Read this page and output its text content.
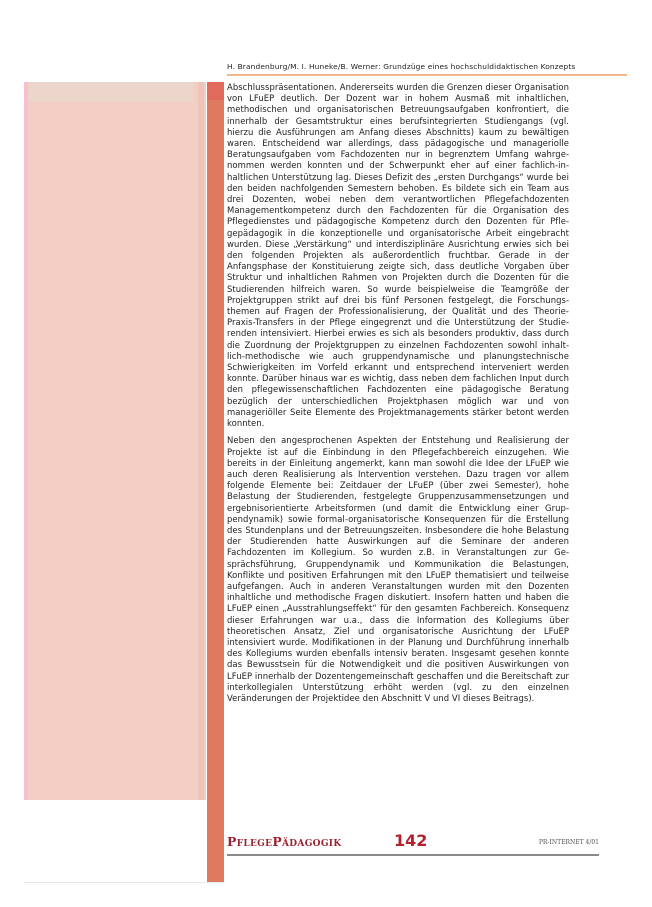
H. Brandenburg/M. I. Huneke/B. Werner: Grundzüge eines hochschuldidaktischen Konzepts

Abschlusspräsentationen. Andererseits wurden die Grenzen dieser Organisation von LFuEP deutlich. Der Dozent war in hohem Ausmaß mit inhaltlichen, methodischen und organisatorischen Betreuungsaufgaben konfrontiert, die innerhalb der Gesamtstruktur eines berufsintegrierten Studiengangs (vgl. hierzu die Ausführungen am Anfang dieses Abschnitts) kaum zu bewältigen waren. Entscheidend war allerdings, dass pädagogische und manageriolle Beratungsaufgaben vom Fachdozenten nur in begrenztem Umfang wahrgenommen werden konnten und der Schwerpunkt eher auf einer fachlich-inhaltlichen Unterstützung lag. Dieses Defizit des „ersten Durchgangs“ wurde bei den beiden nachfolgenden Semestern behoben. Es bildete sich ein Team aus drei Dozenten, wobei neben dem verantwortlichen Pflegefachdozenten Managementkompetenz durch den Fachdozenten für die Organisation des Pflegedienstes und pädagogische Kompetenz durch den Dozenten für Pflegepädagogik in die konzeptionelle und organisatorische Arbeit eingebracht wurden. Diese „Verstärkung“ und interdisziplinäre Ausrichtung erwies sich bei den folgenden Projekten als außerordentlich fruchtbar. Gerade in der Anfangsphase der Konstituierung zeigte sich, dass deutliche Vorgaben über Struktur und inhaltlichen Rahmen von Projekten durch die Dozenten für die Studierenden hilfreich waren. So wurde beispielweise die Teamgröße der Projektgruppen strikt auf drei bis fünf Personen festgelegt, die Forschungsthemen auf Fragen der Professionalisierung, der Qualität und des Theorie-Praxis-Transfers in der Pflege eingegrenzt und die Unterstützung der Studierenden intensiviert. Hierbei erwies es sich als besonders produktiv, dass durch die Zuordnung der Projektgruppen zu einzelnen Fachdozenten sowohl inhaltlich-methodische wie auch gruppendynamische und planungstechnische Schwierigkeiten im Vorfeld erkannt und entsprechend interveniert werden konnte. Darüber hinaus war es wichtig, dass neben dem fachlichen Input durch den pflegewissenschaftlichen Fachdozenten eine pädagogische Beratung bezüglich der unterschiedlichen Projektphasen möglich war und von manageriöller Seite Elemente des Projektmanagements stärker betont werden konnten.

Neben den angesprochenen Aspekten der Entstehung und Realisierung der Projekte ist auf die Einbindung in den Pflegefachbereich einzugehen. Wie bereits in der Einleitung angemerkt, kann man sowohl die Idee der LFuEP wie auch deren Realisierung als Intervention verstehen. Dazu tragen vor allem folgende Elemente bei: Zeitdauer der LFuEP (über zwei Semester), hohe Belastung der Studierenden, festgelegte Gruppenzusammensetzungen und ergebnisorientierte Arbeitsformen (und damit die Entwicklung einer Gruppendynamik) sowie formal-organisatorische Konsequenzen für die Erstellung des Stundenplans und der Betreuungszeiten. Insbesondere die hohe Belastung der Studierenden hatte Auswirkungen auf die Seminare der anderen Fachdozenten im Kollegium. So wurden z.B. in Veranstaltungen zur Gesprächsführung, Gruppendynamik und Kommunikation die Belastungen, Konflikte und positiven Erfahrungen mit den LFuEP thematisiert und teilweise aufgefangen. Auch in anderen Veranstaltungen wurden mit den Dozenten inhaltliche und methodische Fragen diskutiert. Insofern hatten und haben die LFuEP einen „Ausstrahlungseffekt“ für den gesamten Fachbereich. Konsequenz dieser Erfahrungen war u.a., dass die Information des Kollegiums über theoretischen Ansatz, Ziel und organisatorische Ausrichtung der LFuEP intensiviert wurde. Modifikationen in der Planung und Durchführung innerhalb des Kollegiums wurden ebenfalls intensiv beraten. Insgesamt gesehen konnte das Bewusstsein für die Notwendigkeit und die positiven Auswirkungen von LFuEP innerhalb der Dozentengemeinschaft geschaffen und die Bereitschaft zur interkollegialen Unterstützung erhöht werden (vgl. zu den einzelnen Veränderungen der Projektidee den Abschnitt V und VI dieses Beitrags).

PflegePädagogik	142	PR-INTERNET 4/01
